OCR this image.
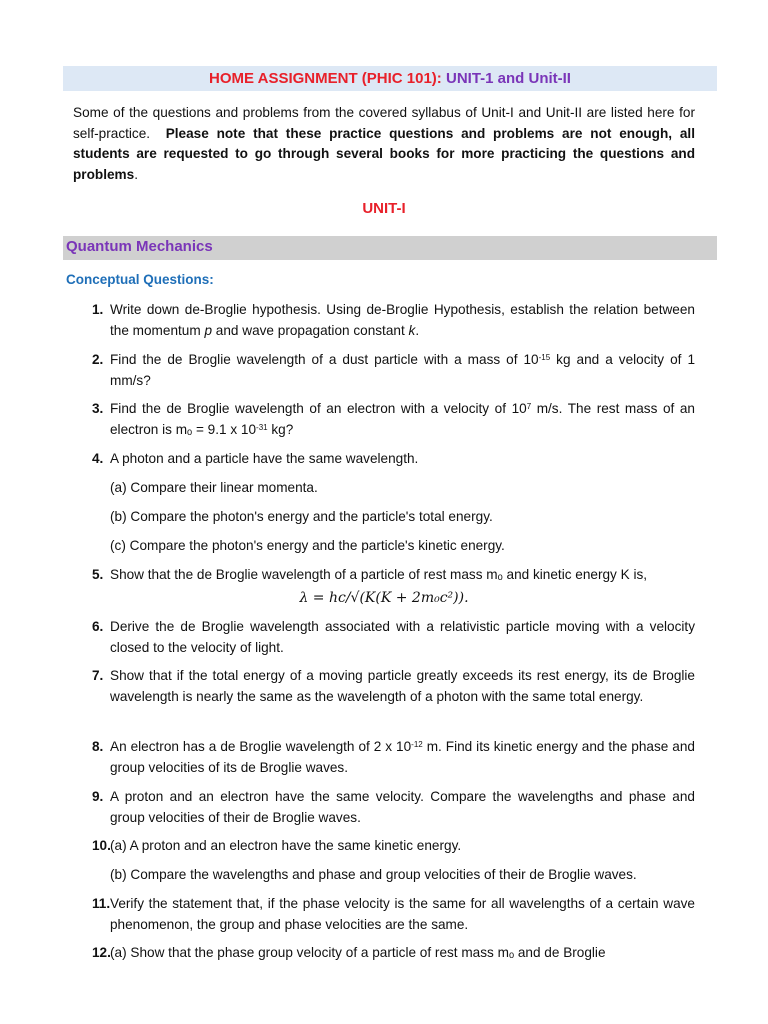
HOME ASSIGNMENT (PHIC 101): UNIT-1 and Unit-II

Some of the questions and problems from the covered syllabus of Unit-I and Unit-II are listed here for self-practice. Please note that these practice questions and problems are not enough, all students are requested to go through several books for more practicing the questions and problems.

UNIT-I
Quantum Mechanics
Conceptual Questions:
1. Write down de-Broglie hypothesis. Using de-Broglie Hypothesis, establish the relation between the momentum p and wave propagation constant k.
2. Find the de Broglie wavelength of a dust particle with a mass of $10^{-15}$ kg and a velocity of 1 mm/s?
3. Find the de Broglie wavelength of an electron with a velocity of $10^7$ m/s. The rest mass of an electron is mₒ = 9.1 x $10^{-31}$ kg?
4. A photon and a particle have the same wavelength.
(a) Compare their linear momenta.
(b) Compare the photon's energy and the particle's total energy.
(c) Compare the photon's energy and the particle's kinetic energy.
5. Show that the de Broglie wavelength of a particle of rest mass mₒ and kinetic energy K is,
λ = hc/√(K(K + 2m₀c²)).
6. Derive the de Broglie wavelength associated with a relativistic particle moving with a velocity closed to the velocity of light.
7. Show that if the total energy of a moving particle greatly exceeds its rest energy, its de Broglie wavelength is nearly the same as the wavelength of a photon with the same total energy.
8. An electron has a de Broglie wavelength of 2 x $10^{-12}$ m. Find its kinetic energy and the phase and group velocities of its de Broglie waves.
9. A proton and an electron have the same velocity. Compare the wavelengths and phase and group velocities of their de Broglie waves.
10. (a) A proton and an electron have the same kinetic energy.
(b) Compare the wavelengths and phase and group velocities of their de Broglie waves.
11. Verify the statement that, if the phase velocity is the same for all wavelengths of a certain wave phenomenon, the group and phase velocities are the same.
12. (a) Show that the phase group velocity of a particle of rest mass mₒ and de Broglie
